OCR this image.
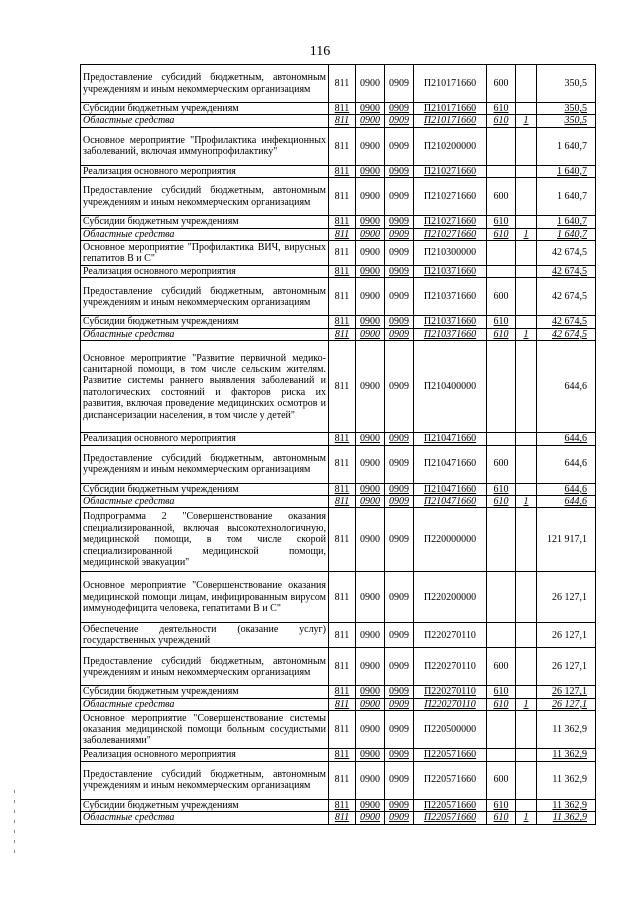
116
Предоставление субсидий бюджетным, автономным учреждениям и иным некоммерческим организациям	811	0900	0909	П210171660	600		350,5
Субсидии бюджетным учреждениям	811	0900	0909	П210171660	610		350,5
Областные средства	811	0900	0909	П210171660	610	1	350,5
Основное мероприятие "Профилактика инфекционных заболеваний, включая иммунопрофилактику"	811	0900	0909	П210200000			1 640,7
Реализация основного мероприятия	811	0900	0909	П210271660			1 640,7
Предоставление субсидий бюджетным, автономным учреждениям и иным некоммерческим организациям	811	0900	0909	П210271660	600		1 640,7
Субсидии бюджетным учреждениям	811	0900	0909	П210271660	610		1 640,7
Областные средства	811	0900	0909	П210271660	610	1	1 640,7
Основное мероприятие "Профилактика ВИЧ, вирусных гепатитов В и С"	811	0900	0909	П210300000			42 674,5
Реализация основного мероприятия	811	0900	0909	П210371660			42 674,5
Предоставление субсидий бюджетным, автономным учреждениям и иным некоммерческим организациям	811	0900	0909	П210371660	600		42 674,5
Субсидии бюджетным учреждениям	811	0900	0909	П210371660	610		42 674,5
Областные средства	811	0900	0909	П210371660	610	1	42 674,5
Основное мероприятие "Развитие первичной медико-санитарной помощи, в том числе сельским жителям. Развитие системы раннего выявления заболеваний и патологических состояний и факторов риска их развития, включая проведение медицинских осмотров и диспансеризации населения, в том числе у детей"	811	0900	0909	П210400000			644,6
Реализация основного мероприятия	811	0900	0909	П210471660			644,6
Предоставление субсидий бюджетным, автономным учреждениям и иным некоммерческим организациям	811	0900	0909	П210471660	600		644,6
Субсидии бюджетным учреждениям	811	0900	0909	П210471660	610		644,6
Областные средства	811	0900	0909	П210471660	610	1	644,6
Подпрограмма 2 "Совершенствование оказания специализированной, включая высокотехнологичную, медицинской помощи, в том числе скорой специализированной медицинской помощи, медицинской эвакуации"	811	0900	0909	П220000000			121 917,1
Основное мероприятие "Совершенствование оказания медицинской помощи лицам, инфицированным вирусом иммунодефицита человека, гепатитами В и С"	811	0900	0909	П220200000			26 127,1
Обеспечение деятельности (оказание услуг) государственных учреждений	811	0900	0909	П220270110			26 127,1
Предоставление субсидий бюджетным, автономным учреждениям и иным некоммерческим организациям	811	0900	0909	П220270110	600		26 127,1
Субсидии бюджетным учреждениям	811	0900	0909	П220270110	610		26 127,1
Областные средства	811	0900	0909	П220270110	610	1	26 127,1
Основное мероприятие "Совершенствование системы оказания медицинской помощи больным сосудистыми заболеваниями"	811	0900	0909	П220500000			11 362,9
Реализация основного мероприятия	811	0900	0909	П220571660			11 362,9
Предоставление субсидий бюджетным, автономным учреждениям и иным некоммерческим организациям	811	0900	0909	П220571660	600		11 362,9
Субсидии бюджетным учреждениям	811	0900	0909	П220571660	610		11 362,9
Областные средства	811	0900	0909	П220571660	610	1	11 362,9
